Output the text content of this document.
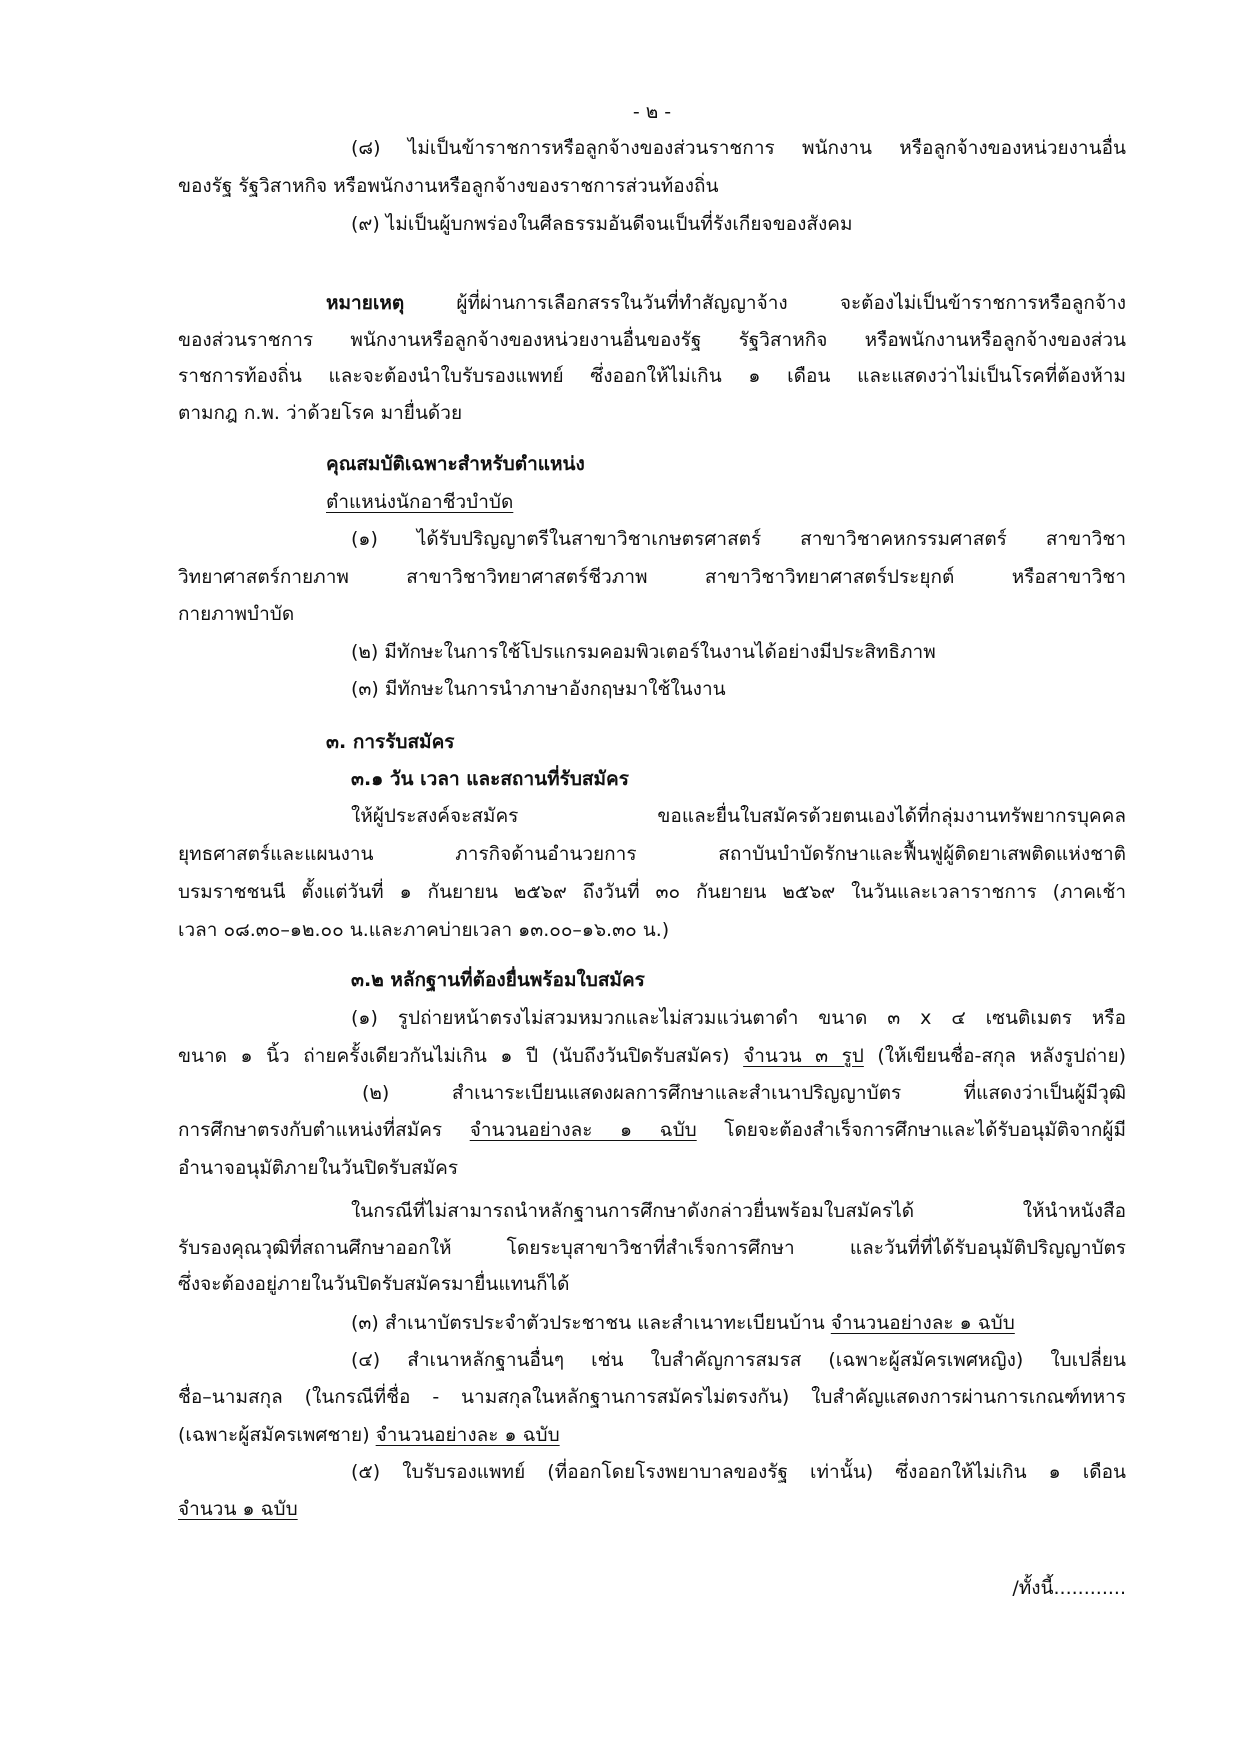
- ๒ -
(๘) ไม่เป็นข้าราชการหรือลูกจ้างของส่วนราชการ พนักงาน หรือลูกจ้างของหน่วยงานอื่น
ของรัฐ รัฐวิสาหกิจ หรือพนักงานหรือลูกจ้างของราชการส่วนท้องถิ่น
(๙) ไม่เป็นผู้บกพร่องในศีลธรรมอันดีจนเป็นที่รังเกียจของสังคม
หมายเหตุ ผู้ที่ผ่านการเลือกสรรในวันที่ทำสัญญาจ้าง จะต้องไม่เป็นข้าราชการหรือลูกจ้าง
ของส่วนราชการ พนักงานหรือลูกจ้างของหน่วยงานอื่นของรัฐ รัฐวิสาหกิจ หรือพนักงานหรือลูกจ้างของส่วน
ราชการท้องถิ่น และจะต้องนำใบรับรองแพทย์ ซึ่งออกให้ไม่เกิน ๑ เดือน และแสดงว่าไม่เป็นโรคที่ต้องห้าม
ตามกฎ ก.พ. ว่าด้วยโรค มายื่นด้วย
คุณสมบัติเฉพาะสำหรับตำแหน่ง
ตำแหน่งนักอาชีวบำบัด
(๑) ได้รับปริญญาตรีในสาขาวิชาเกษตรศาสตร์ สาขาวิชาคหกรรมศาสตร์ สาขาวิชา
วิทยาศาสตร์กายภาพ สาขาวิชาวิทยาศาสตร์ชีวภาพ สาขาวิชาวิทยาศาสตร์ประยุกต์ หรือสาขาวิชา
กายภาพบำบัด
(๒) มีทักษะในการใช้โปรแกรมคอมพิวเตอร์ในงานได้อย่างมีประสิทธิภาพ
(๓) มีทักษะในการนำภาษาอังกฤษมาใช้ในงาน
๓. การรับสมัคร
๓.๑ วัน เวลา และสถานที่รับสมัคร
ให้ผู้ประสงค์จะสมัคร ขอและยื่นใบสมัครด้วยตนเองได้ที่กลุ่มงานทรัพยากรบุคคล
ยุทธศาสตร์และแผนงาน ภารกิจด้านอำนวยการ สถาบันบำบัดรักษาและฟื้นฟูผู้ติดยาเสพติดแห่งชาติ
บรมราชชนนี ตั้งแต่วันที่ ๑ กันยายน ๒๕๖๙ ถึงวันที่ ๓๐ กันยายน ๒๕๖๙ ในวันและเวลาราชการ (ภาคเช้า
เวลา ๐๘.๓๐–๑๒.๐๐ น.และภาคบ่ายเวลา ๑๓.๐๐–๑๖.๓๐ น.)
๓.๒ หลักฐานที่ต้องยื่นพร้อมใบสมัคร
(๑) รูปถ่ายหน้าตรงไม่สวมหมวกและไม่สวมแว่นตาดำ ขนาด ๓ x ๔ เซนติเมตร หรือ
ขนาด ๑ นิ้ว ถ่ายครั้งเดียวกันไม่เกิน ๑ ปี (นับถึงวันปิดรับสมัคร) จำนวน ๓ รูป (ให้เขียนชื่อ-สกุล หลังรูปถ่าย)
(๒) สำเนาระเบียนแสดงผลการศึกษาและสำเนาปริญญาบัตร ที่แสดงว่าเป็นผู้มีวุฒิ
การศึกษาตรงกับตำแหน่งที่สมัคร จำนวนอย่างละ ๑ ฉบับ โดยจะต้องสำเร็จการศึกษาและได้รับอนุมัติจากผู้มี
อำนาจอนุมัติภายในวันปิดรับสมัคร
ในกรณีที่ไม่สามารถนำหลักฐานการศึกษาดังกล่าวยื่นพร้อมใบสมัครได้ ให้นำหนังสือ
รับรองคุณวุฒิที่สถานศึกษาออกให้ โดยระบุสาขาวิชาที่สำเร็จการศึกษา และวันที่ที่ได้รับอนุมัติปริญญาบัตร
ซึ่งจะต้องอยู่ภายในวันปิดรับสมัครมายื่นแทนก็ได้
(๓) สำเนาบัตรประจำตัวประชาชน และสำเนาทะเบียนบ้าน จำนวนอย่างละ ๑ ฉบับ
(๔) สำเนาหลักฐานอื่นๆ เช่น ใบสำคัญการสมรส (เฉพาะผู้สมัครเพศหญิง) ใบเปลี่ยน
ชื่อ–นามสกุล (ในกรณีที่ชื่อ - นามสกุลในหลักฐานการสมัครไม่ตรงกัน) ใบสำคัญแสดงการผ่านการเกณฑ์ทหาร
(เฉพาะผู้สมัครเพศชาย) จำนวนอย่างละ ๑ ฉบับ
(๕) ใบรับรองแพทย์ (ที่ออกโดยโรงพยาบาลของรัฐ เท่านั้น) ซึ่งออกให้ไม่เกิน ๑ เดือน
จำนวน ๑ ฉบับ
/ทั้งนี้............
